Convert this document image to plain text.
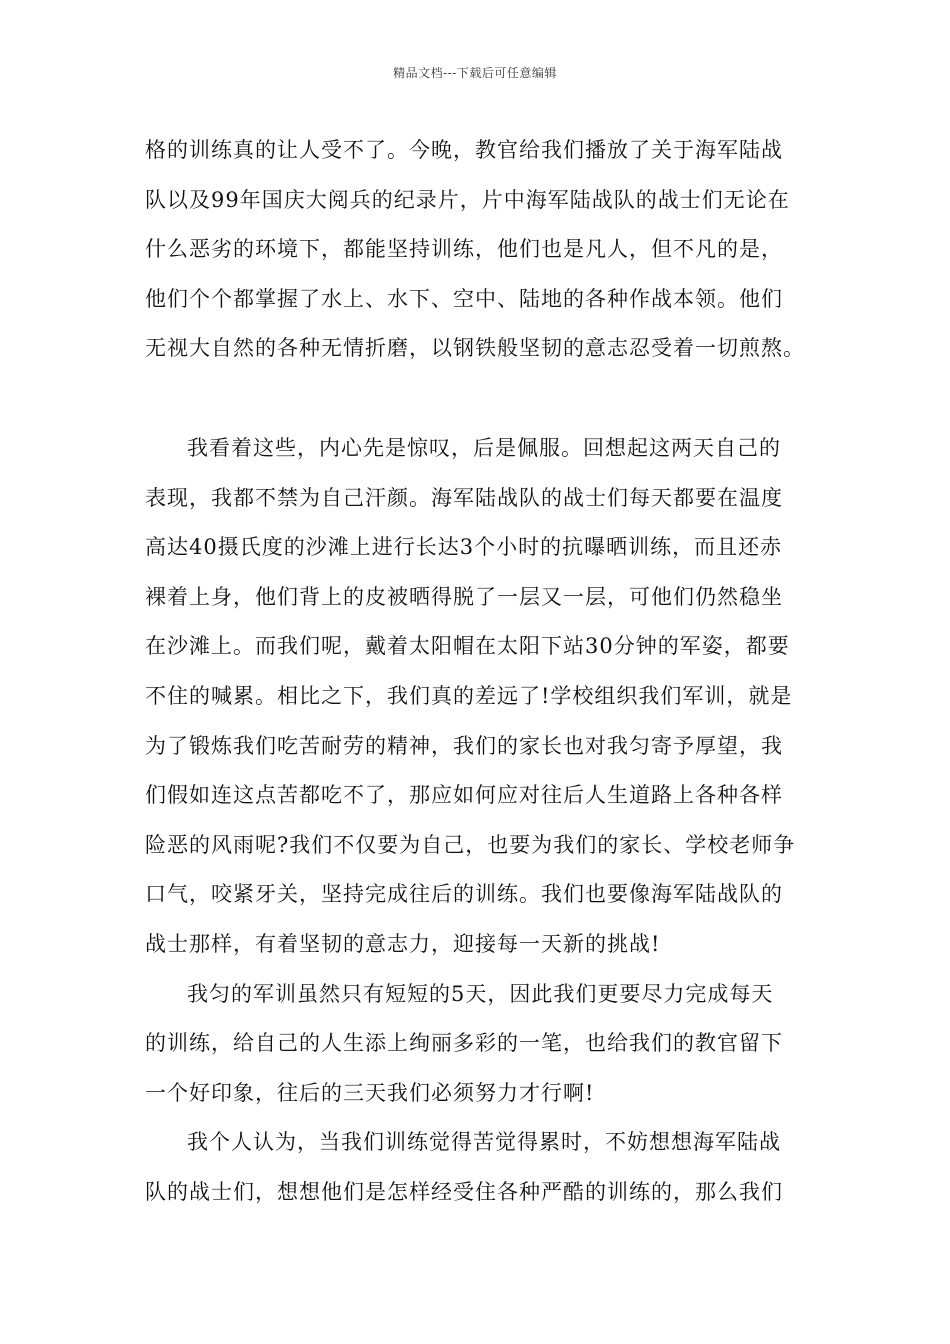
精品文档---下载后可任意编辑

格的训练真的让人受不了。今晚，教官给我们播放了关于海军陆战
队以及99年国庆大阅兵的纪录片，片中海军陆战队的战士们无论在
什么恶劣的环境下，都能坚持训练，他们也是凡人，但不凡的是，
他们个个都掌握了水上、水下、空中、陆地的各种作战本领。他们
无视大自然的各种无情折磨，以钢铁般坚韧的意志忍受着一切煎熬。

我看着这些，内心先是惊叹，后是佩服。回想起这两天自己的
表现，我都不禁为自己汗颜。海军陆战队的战士们每天都要在温度
高达40摄氏度的沙滩上进行长达3个小时的抗曝晒训练，而且还赤
裸着上身，他们背上的皮被晒得脱了一层又一层，可他们仍然稳坐
在沙滩上。而我们呢，戴着太阳帽在太阳下站30分钟的军姿，都要
不住的喊累。相比之下，我们真的差远了!学校组织我们军训，就是
为了锻炼我们吃苦耐劳的精神，我们的家长也对我匀寄予厚望，我
们假如连这点苦都吃不了，那应如何应对往后人生道路上各种各样
险恶的风雨呢?我们不仅要为自己，也要为我们的家长、学校老师争
口气，咬紧牙关，坚持完成往后的训练。我们也要像海军陆战队的
战士那样，有着坚韧的意志力，迎接每一天新的挑战!

我匀的军训虽然只有短短的5天，因此我们更要尽力完成每天
的训练，给自己的人生添上绚丽多彩的一笔，也给我们的教官留下
一个好印象，往后的三天我们必须努力才行啊!

我个人认为，当我们训练觉得苦觉得累时，不妨想想海军陆战
队的战士们，想想他们是怎样经受住各种严酷的训练的，那么我们
